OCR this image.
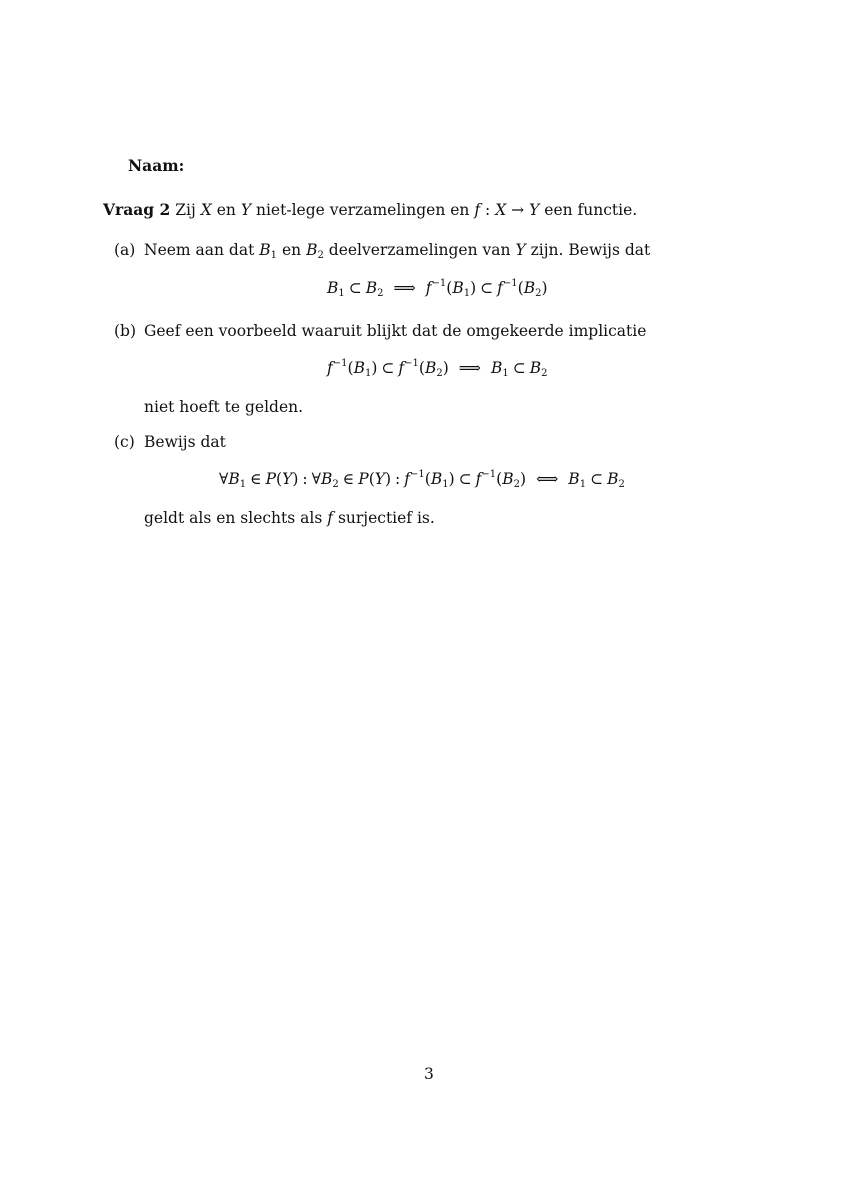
Naam:
Vraag 2 Zij X en Y niet-lege verzamelingen en f : X → Y een functie.
(a) Neem aan dat $B_1$ en $B_2$ deelverzamelingen van Y zijn. Bewijs dat
$B_1$ ⊂ $B_2$ ⟹ $f^{-1}(B_1)$ ⊂ $f^{-1}(B_2)$
(b) Geef een voorbeeld waaruit blijkt dat de omgekeerde implicatie
$f^{-1}(B_1)$ ⊂ $f^{-1}(B_2)$ ⟹ $B_1$ ⊂ $B_2$
niet hoeft te gelden.
(c) Bewijs dat
$\forall B_1$ ∈ P(Y) : $\forall B_2$ ∈ P(Y) : $f^{-1}(B_1)$ ⊂ $f^{-1}(B_2)$ ⟺ $B_1$ ⊂ $B_2$
geldt als en slechts als f surjectief is.
3
